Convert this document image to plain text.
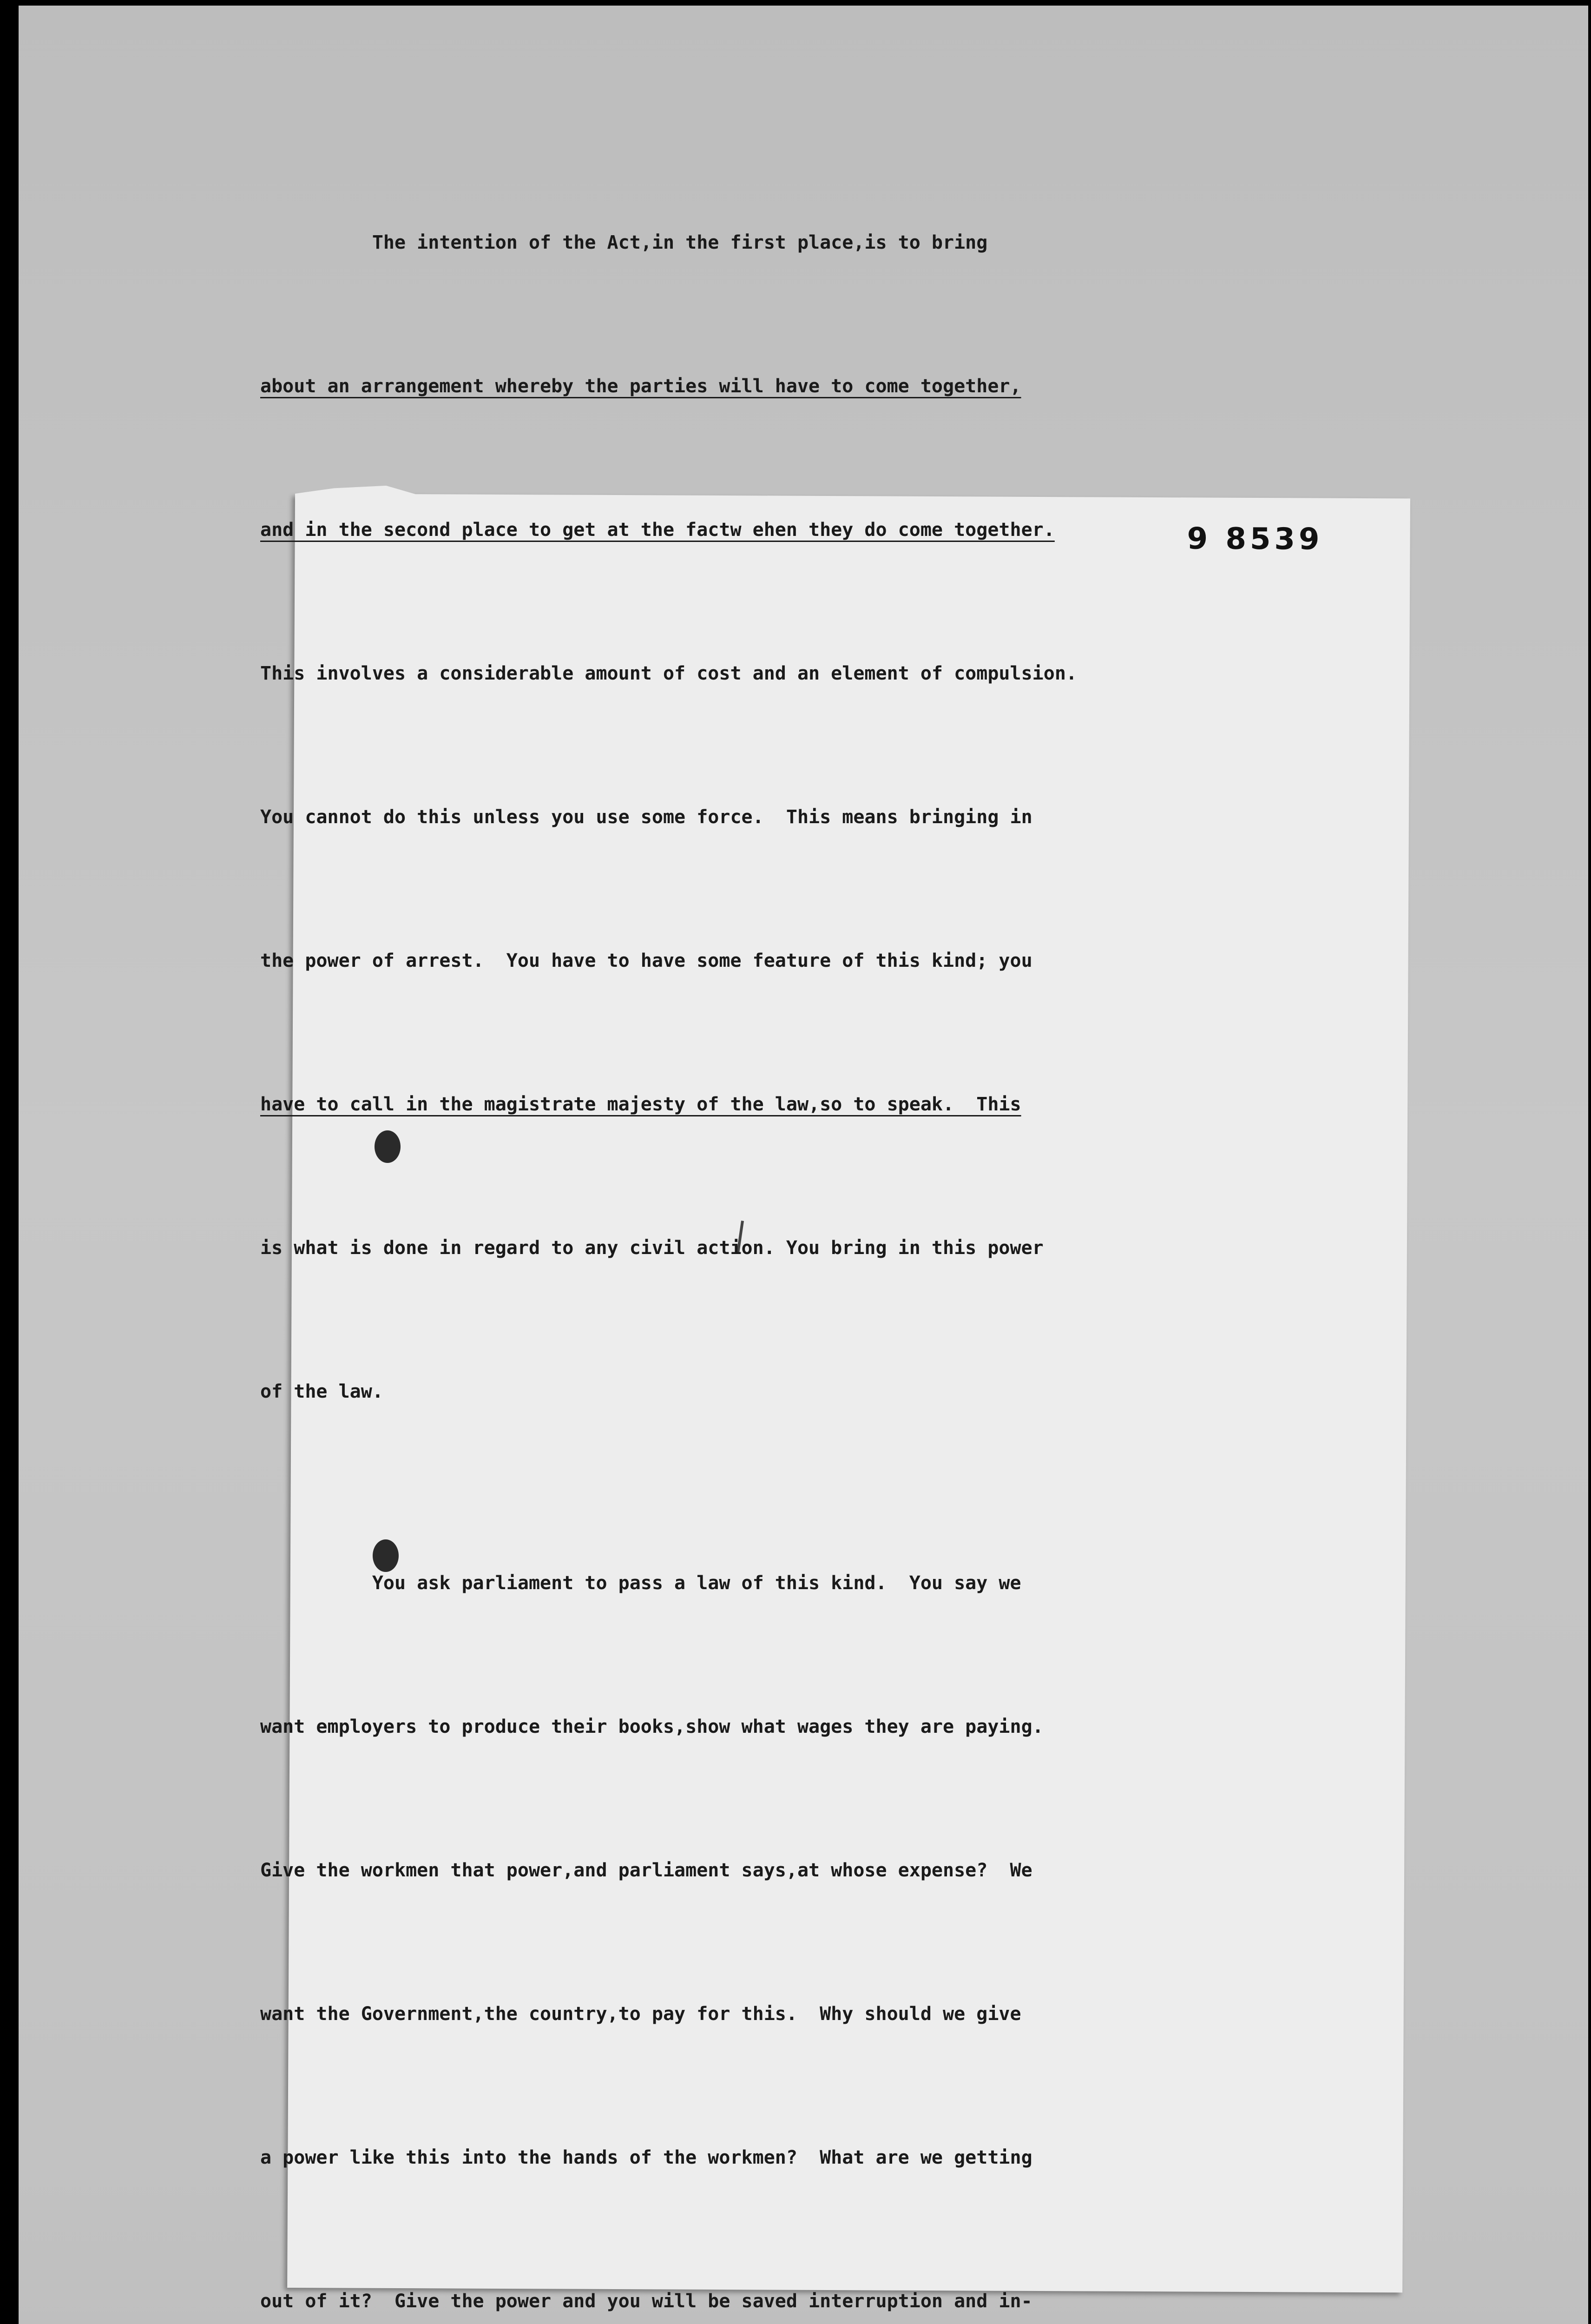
9 8539

The intention of the Act,in the first place,is to bring

about an arrangement whereby the parties will have to come together,

and in the second place to get at the factw ehen they do come together.

This involves a considerable amount of cost and an element of compulsion.

You cannot do this unless you use some force.  This means bringing in

the power of arrest.  You have to have some feature of this kind; you

have to call in the magistrate majesty of the law,so to speak.  This

is what is done in regard to any civil action. You bring in this power

of the law.

You ask parliament to pass a law of this kind.  You say we

want employers to produce their books,show what wages they are paying.

Give the workmen that power,and parliament says,at whose expense?  We

want the Government,the country,to pay for this.  Why should we give

a power like this into the hands of the workmen?  What are we getting

out of it?  Give the power and you will be saved interruption and in-
